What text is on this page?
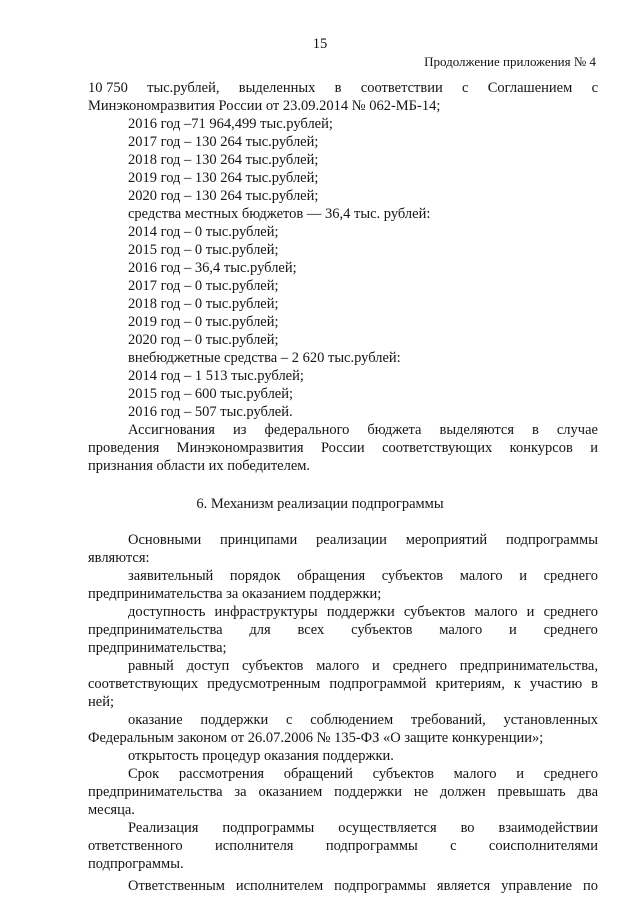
15
Продолжение приложения № 4
10 750 тыс.рублей, выделенных в соответствии с Соглашением с
Минэкономразвития России от 23.09.2014 № 062-МБ-14;
2016 год –71 964,499 тыс.рублей;
2017 год – 130 264 тыс.рублей;
2018 год – 130 264 тыс.рублей;
2019 год – 130 264 тыс.рублей;
2020 год – 130 264 тыс.рублей;
средства местных бюджетов — 36,4 тыс. рублей:
2014 год – 0 тыс.рублей;
2015 год – 0 тыс.рублей;
2016 год – 36,4 тыс.рублей;
2017 год – 0 тыс.рублей;
2018 год – 0 тыс.рублей;
2019 год – 0 тыс.рублей;
2020 год – 0 тыс.рублей;
внебюджетные средства – 2 620 тыс.рублей:
2014 год – 1 513 тыс.рублей;
2015 год – 600 тыс.рублей;
2016 год – 507 тыс.рублей.
Ассигнования из федерального бюджета выделяются в случае
проведения Минэкономразвития России соответствующих конкурсов и
признания области их победителем.
6. Механизм реализации подпрограммы
Основными принципами реализации мероприятий подпрограммы
являются:
заявительный порядок обращения субъектов малого и среднего
предпринимательства за оказанием поддержки;
доступность инфраструктуры поддержки субъектов малого и среднего
предпринимательства для всех субъектов малого и среднего
предпринимательства;
равный доступ субъектов малого и среднего предпринимательства,
соответствующих предусмотренным подпрограммой критериям, к участию в
ней;
оказание поддержки с соблюдением требований, установленных
Федеральным законом от 26.07.2006 № 135-ФЗ «О защите конкуренции»;
открытость процедур оказания поддержки.
Срок рассмотрения обращений субъектов малого и среднего
предпринимательства за оказанием поддержки не должен превышать два
месяца.
Реализация подпрограммы осуществляется во взаимодействии
ответственного исполнителя подпрограммы с соисполнителями
подпрограммы.
Ответственным исполнителем подпрограммы является управление по
